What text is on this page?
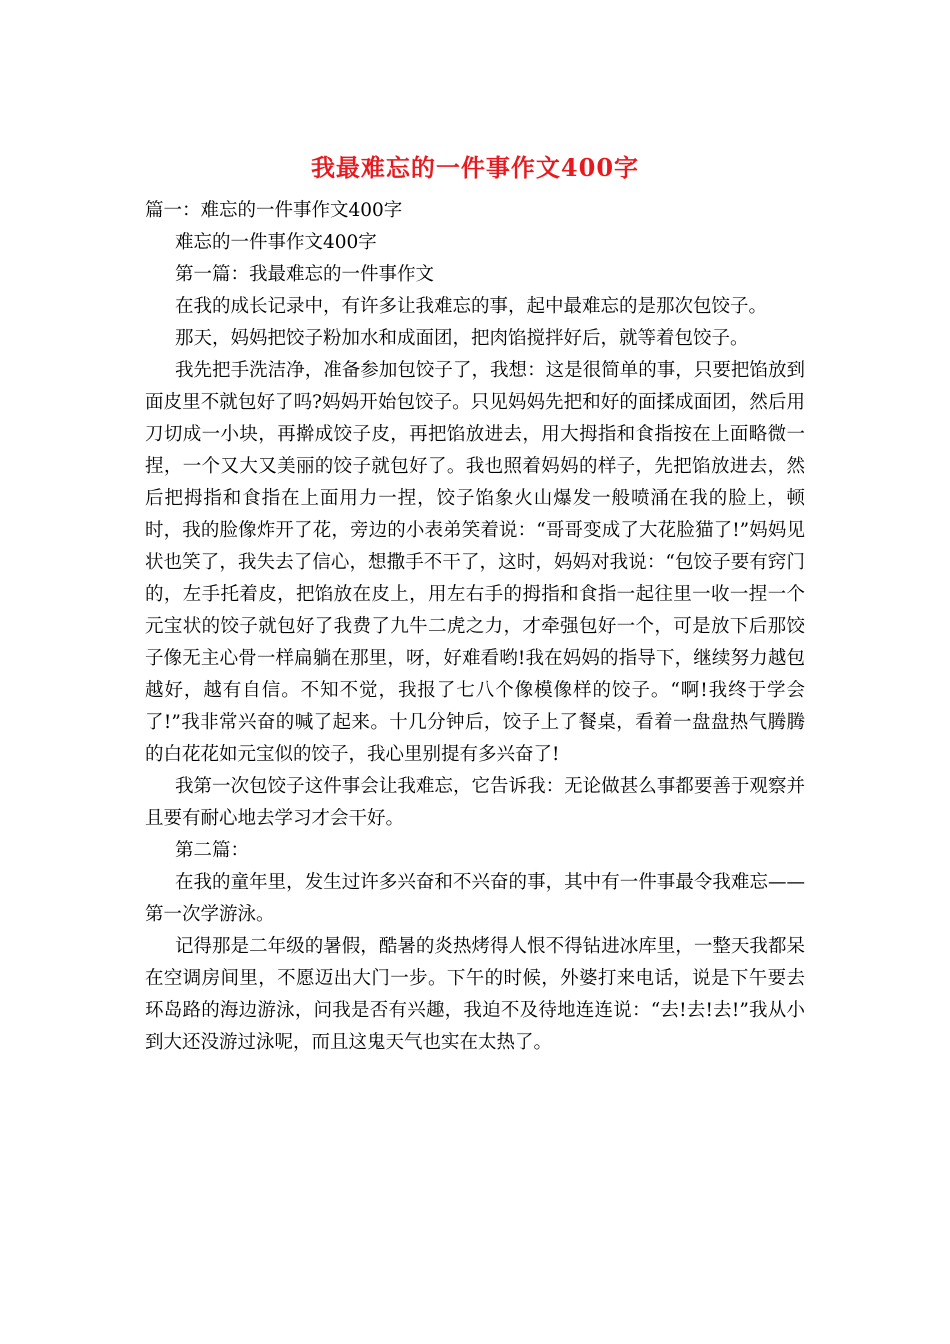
我最难忘的一件事作文400字

篇一：难忘的一件事作文400字

难忘的一件事作文400字

第一篇：我最难忘的一件事作文

在我的成长记录中，有许多让我难忘的事，起中最难忘的是那次包饺子。

那天，妈妈把饺子粉加水和成面团，把肉馅搅拌好后，就等着包饺子。

我先把手洗洁净，准备参加包饺子了，我想：这是很简单的事，只要把馅放到面皮里不就包好了吗?妈妈开始包饺子。只见妈妈先把和好的面揉成面团，然后用刀切成一小块，再擀成饺子皮，再把馅放进去，用大拇指和食指按在上面略微一捏，一个又大又美丽的饺子就包好了。我也照着妈妈的样子，先把馅放进去，然后把拇指和食指在上面用力一捏，饺子馅象火山爆发一般喷涌在我的脸上，顿时，我的脸像炸开了花，旁边的小表弟笑着说：“哥哥变成了大花脸猫了!”妈妈见状也笑了，我失去了信心，想撒手不干了，这时，妈妈对我说：“包饺子要有窍门的，左手托着皮，把馅放在皮上，用左右手的拇指和食指一起往里一收一捏一个元宝状的饺子就包好了我费了九牛二虎之力，才牵强包好一个，可是放下后那饺子像无主心骨一样扁躺在那里，呀，好难看哟!我在妈妈的指导下，继续努力越包越好，越有自信。不知不觉，我报了七八个像模像样的饺子。“啊!我终于学会了!”我非常兴奋的喊了起来。十几分钟后，饺子上了餐桌，看着一盘盘热气腾腾的白花花如元宝似的饺子，我心里别提有多兴奋了!

我第一次包饺子这件事会让我难忘，它告诉我：无论做甚么事都要善于观察并且要有耐心地去学习才会干好。

第二篇：

在我的童年里，发生过许多兴奋和不兴奋的事，其中有一件事最令我难忘——第一次学游泳。

记得那是二年级的暑假，酷暑的炎热烤得人恨不得钻进冰库里，一整天我都呆在空调房间里，不愿迈出大门一步。下午的时候，外婆打来电话，说是下午要去环岛路的海边游泳，问我是否有兴趣，我迫不及待地连连说：“去!去!去!”我从小到大还没游过泳呢，而且这鬼天气也实在太热了。
